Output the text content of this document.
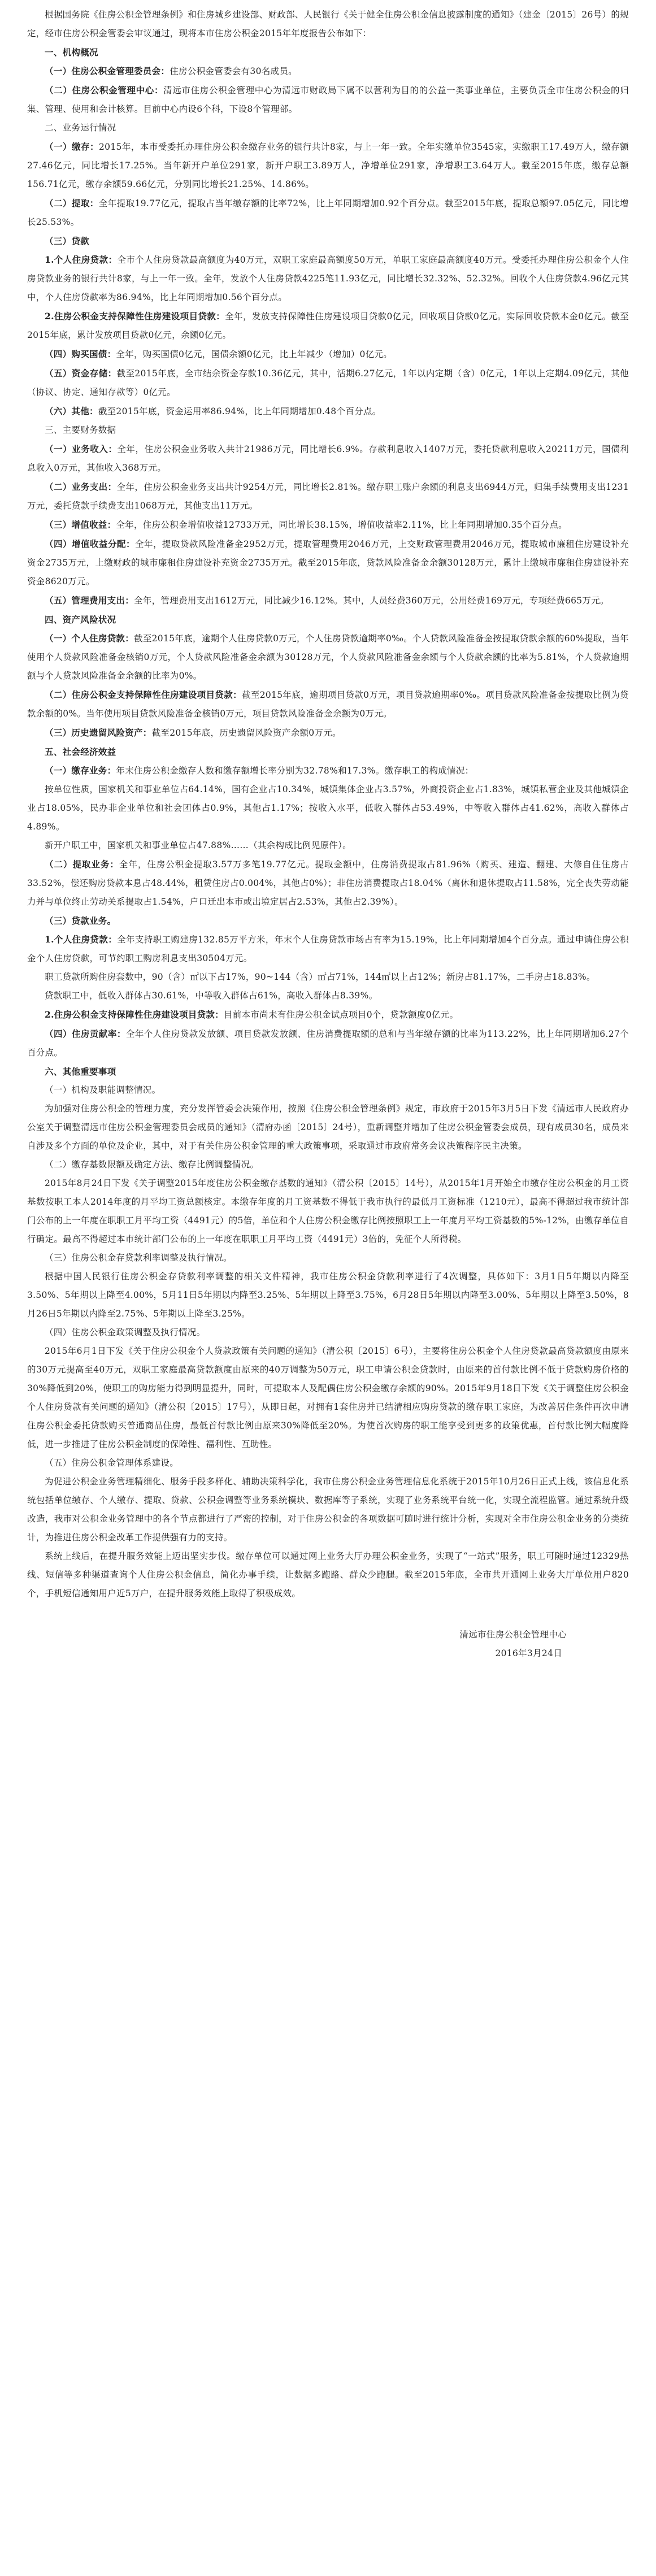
根据国务院《住房公积金管理条例》和住房城乡建设部、财政部、人民银行《关于健全住房公积金信息披露制度的通知》（建金〔2015〕26号）的规定，经市住房公积金管委会审议通过，现将本市住房公积金2015年年度报告公布如下：

一、机构概况

（一）住房公积金管理委员会：住房公积金管委会有30名成员。

（二）住房公积金管理中心：清远市住房公积金管理中心为清远市财政局下属不以营利为目的的公益一类事业单位，主要负责全市住房公积金的归集、管理、使用和会计核算。目前中心内设6个科，下设8个管理部。

二、业务运行情况

（一）缴存：2015年，本市受委托办理住房公积金缴存业务的银行共计8家，与上一年一致。全年实缴单位3545家，实缴职工17.49万人，缴存额27.46亿元，同比增长17.25%。当年新开户单位291家，新开户职工3.89万人，净增单位291家，净增职工3.64万人。截至2015年底，缴存总额156.71亿元，缴存余额59.66亿元，分别同比增长21.25%、14.86%。

（二）提取：全年提取19.77亿元，提取占当年缴存额的比率72%，比上年同期增加0.92个百分点。截至2015年底，提取总额97.05亿元，同比增长25.53%。

（三）贷款

1.个人住房贷款：全市个人住房贷款最高额度为40万元，双职工家庭最高额度50万元，单职工家庭最高额度40万元。受委托办理住房公积金个人住房贷款业务的银行共计8家，与上一年一致。全年，发放个人住房贷款4225笔11.93亿元，同比增长32.32%、52.32%。回收个人住房贷款4.96亿元其中，个人住房贷款率为86.94%，比上年同期增加0.56个百分点。

2.住房公积金支持保障性住房建设项目贷款：全年，发放支持保障性住房建设项目贷款0亿元，回收项目贷款0亿元。实际回收贷款本金0亿元。截至2015年底，累计发放项目贷款0亿元，余额0亿元。

（四）购买国债：全年，购买国债0亿元，国债余额0亿元，比上年减少（增加）0亿元。

（五）资金存储：截至2015年底，全市结余资金存款10.36亿元，其中，活期6.27亿元，1年以内定期（含）0亿元，1年以上定期4.09亿元，其他（协议、协定、通知存款等）0亿元。

（六）其他：截至2015年底，资金运用率86.94%，比上年同期增加0.48个百分点。

三、主要财务数据

（一）业务收入：全年，住房公积金业务收入共计21986万元，同比增长6.9%。存款利息收入1407万元，委托贷款利息收入20211万元，国债利息收入0万元，其他收入368万元。

（二）业务支出：全年，住房公积金业务支出共计9254万元，同比增长2.81%。缴存职工账户余额的利息支出6944万元，归集手续费用支出1231万元，委托贷款手续费支出1068万元，其他支出11万元。

（三）增值收益：全年，住房公积金增值收益12733万元，同比增长38.15%，增值收益率2.11%，比上年同期增加0.35个百分点。

（四）增值收益分配：全年，提取贷款风险准备金2952万元，提取管理费用2046万元，上交财政管理费用2046万元，提取城市廉租住房建设补充资金2735万元，上缴财政的城市廉租住房建设补充资金2735万元。截至2015年底，贷款风险准备金余额30128万元，累计上缴城市廉租住房建设补充资金8620万元。

（五）管理费用支出：全年，管理费用支出1612万元，同比减少16.12%。其中，人员经费360万元，公用经费169万元，专项经费665万元。

四、资产风险状况

（一）个人住房贷款：截至2015年底，逾期个人住房贷款0万元，个人住房贷款逾期率0‰。个人贷款风险准备金按提取贷款余额的60%提取，当年使用个人贷款风险准备金核销0万元，个人贷款风险准备金余额为30128万元，个人贷款风险准备金余额与个人贷款余额的比率为5.81%，个人贷款逾期额与个人贷款风险准备金余额的比率为0%。

（二）住房公积金支持保障性住房建设项目贷款：截至2015年底，逾期项目贷款0万元，项目贷款逾期率0‰。项目贷款风险准备金按提取比例为贷款余额的0%。当年使用项目贷款风险准备金核销0万元，项目贷款风险准备金余额为0万元。

（三）历史遗留风险资产：截至2015年底，历史遗留风险资产余额0万元。

五、社会经济效益

（一）缴存业务：年末住房公积金缴存人数和缴存额增长率分别为32.78%和17.3%。缴存职工的构成情况：

按单位性质，国家机关和事业单位占64.14%，国有企业占10.34%，城镇集体企业占3.57%，外商投资企业占1.83%，城镇私营企业及其他城镇企业占18.05%，民办非企业单位和社会团体占0.9%，其他占1.17%；按收入水平，低收入群体占53.49%，中等收入群体占41.62%，高收入群体占4.89%。

新开户职工中，国家机关和事业单位占47.88%……（其余构成比例见原件）。

（二）提取业务：全年，住房公积金提取3.57万多笔19.77亿元。提取金额中，住房消费提取占81.96%（购买、建造、翻建、大修自住住房占33.52%，偿还购房贷款本息占48.44%，租赁住房占0.004%，其他占0%）；非住房消费提取占18.04%（离休和退休提取占11.58%，完全丧失劳动能力并与单位终止劳动关系提取占1.54%，户口迁出本市或出境定居占2.53%，其他占2.39%）。

（三）贷款业务。

1.个人住房贷款：全年支持职工购建房132.85万平方米，年末个人住房贷款市场占有率为15.19%，比上年同期增加4个百分点。通过申请住房公积金个人住房贷款，可节约职工购房利息支出30504万元。

职工贷款所购住房套数中，90（含）㎡以下占17%，90~144（含）㎡占71%，144㎡以上占12%；新房占81.17%，二手房占18.83%。

贷款职工中，低收入群体占30.61%，中等收入群体占61%，高收入群体占8.39%。

2.住房公积金支持保障性住房建设项目贷款：目前本市尚未有住房公积金试点项目0个，贷款额度0亿元。

（四）住房贡献率：全年个人住房贷款发放额、项目贷款发放额、住房消费提取额的总和与当年缴存额的比率为113.22%，比上年同期增加6.27个百分点。

六、其他重要事项

（一）机构及职能调整情况。

为加强对住房公积金的管理力度，充分发挥管委会决策作用，按照《住房公积金管理条例》规定，市政府于2015年3月5日下发《清远市人民政府办公室关于调整清远市住房公积金管理委员会成员的通知》（清府办函〔2015〕24号），重新调整并增加了住房公积金管委会成员，现有成员30名，成员来自涉及多个方面的单位及企业，其中，对于有关住房公积金管理的重大政策事项，采取通过市政府常务会议决策程序民主决策。

（二）缴存基数限额及确定方法、缴存比例调整情况。

2015年8月24日下发《关于调整2015年度住房公积金缴存基数的通知》（清公积〔2015〕14号），从2015年1月开始全市缴存住房公积金的月工资基数按职工本人2014年度的月平均工资总额核定。本缴存年度的月工资基数不得低于我市执行的最低月工资标准（1210元），最高不得超过我市统计部门公布的上一年度在职职工月平均工资（4491元）的5倍，单位和个人住房公积金缴存比例按照职工上一年度月平均工资基数的5%-12%，由缴存单位自行确定。最高不得超过本市统计部门公布的上一年度在职职工月平均工资（4491元）3倍的，免征个人所得税。

（三）住房公积金存贷款利率调整及执行情况。

根据中国人民银行住房公积金存贷款利率调整的相关文件精神，我市住房公积金贷款利率进行了4次调整，具体如下：3月1日5年期以内降至3.50%、5年期以上降至4.00%，5月11日5年期以内降至3.25%、5年期以上降至3.75%，6月28日5年期以内降至3.00%、5年期以上降至3.50%，8月26日5年期以内降至2.75%、5年期以上降至3.25%。

（四）住房公积金政策调整及执行情况。

2015年6月1日下发《关于住房公积金个人贷款政策有关问题的通知》（清公积〔2015〕6号），主要将住房公积金个人住房贷款最高贷款额度由原来的30万元提高至40万元，双职工家庭最高贷款额度由原来的40万调整为50万元，职工申请公积金贷款时，由原来的首付款比例不低于贷款购房价格的30%降低到20%，使职工的购房能力得到明显提升，同时，可提取本人及配偶住房公积金缴存余额的90%。2015年9月18日下发《关于调整住房公积金个人住房贷款有关问题的通知》（清公积〔2015〕17号），从即日起，对拥有1套住房并已结清相应购房贷款的缴存职工家庭，为改善居住条件再次申请住房公积金委托贷款购买普通商品住房，最低首付款比例由原来30%降低至20%。为使首次购房的职工能享受到更多的政策优惠，首付款比例大幅度降低，进一步推进了住房公积金制度的保障性、福利性、互助性。

（五）住房公积金管理体系建设。

为促进公积金业务管理精细化、服务手段多样化、辅助决策科学化，我市住房公积金业务管理信息化系统于2015年10月26日正式上线，该信息化系统包括单位缴存、个人缴存、提取、贷款、公积金调整等业务系统模块、数据库等子系统，实现了业务系统平台统一化，实现全流程监管。通过系统升级改造，我市对公积金业务管理中的各个节点都进行了严密的控制，对于住房公积金的各项数据可随时进行统计分析，实现对全市住房公积金业务的分类统计，为推进住房公积金改革工作提供强有力的支持。

系统上线后，在提升服务效能上迈出坚实步伐。缴存单位可以通过网上业务大厅办理公积金业务，实现了“一站式”服务，职工可随时通过12329热线、短信等多种渠道查询个人住房公积金信息，简化办事手续，让数据多跑路、群众少跑腿。截至2015年底，全市共开通网上业务大厅单位用户820个，手机短信通知用户近5万户，在提升服务效能上取得了积极成效。

清远市住房公积金管理中心

2016年3月24日
